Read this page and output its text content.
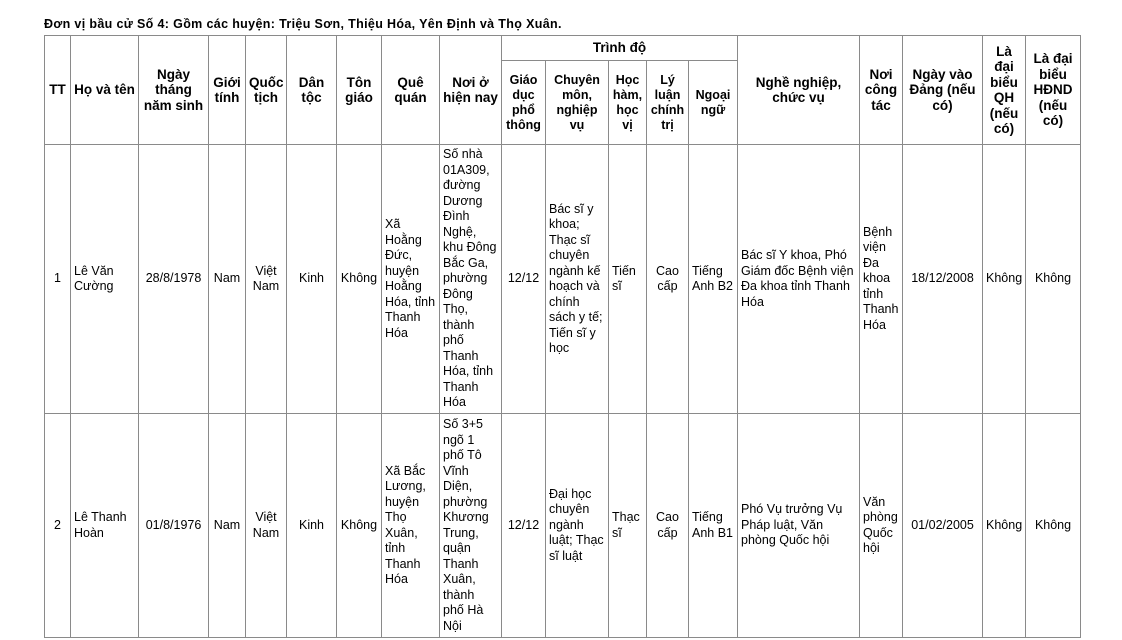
Đơn vị bầu cử Số 4: Gồm các huyện: Triệu Sơn, Thiệu Hóa, Yên Định và Thọ Xuân.
TT	Họ và tên	Ngày tháng năm sinh	Giới tính	Quốc tịch	Dân tộc	Tôn giáo	Quê quán	Nơi ở hiện nay	Trình độ					Nghề nghiệp, chức vụ	Nơi công tác	Ngày vào Đảng (nếu có)	Là đại biểu QH (nếu có)	Là đại biểu HĐND (nếu có)
									Giáo dục phổ thông	Chuyên môn, nghiệp vụ	Học hàm, học vị	Lý luận chính trị	Ngoại ngữ					
1	Lê Văn Cường	28/8/1978	Nam	Việt Nam	Kinh	Không	Xã Hoằng Đức, huyện Hoằng Hóa, tỉnh Thanh Hóa	Số nhà 01A309, đường Dương Đình Nghệ, khu Đông Bắc Ga, phường Đông Thọ, thành phố Thanh Hóa, tỉnh Thanh Hóa	12/12	Bác sĩ y khoa; Thạc sĩ chuyên ngành kế hoạch và chính sách y tế; Tiến sĩ y học	Tiến sĩ	Cao cấp	Tiếng Anh B2	Bác sĩ Y khoa, Phó Giám đốc Bệnh viện Đa khoa tỉnh Thanh Hóa	Bệnh viện Đa khoa tỉnh Thanh Hóa	18/12/2008	Không	Không
2	Lê Thanh Hoàn	01/8/1976	Nam	Việt Nam	Kinh	Không	Xã Bắc Lương, huyện Thọ Xuân, tỉnh Thanh Hóa	Số 3+5 ngõ 1 phố Tô Vĩnh Diện, phường Khương Trung, quận Thanh Xuân, thành phố Hà Nội	12/12	Đại học chuyên ngành luật; Thạc sĩ luật	Thạc sĩ	Cao cấp	Tiếng Anh B1	Phó Vụ trưởng Vụ Pháp luật, Văn phòng Quốc hội	Văn phòng Quốc hội	01/02/2005	Không	Không
